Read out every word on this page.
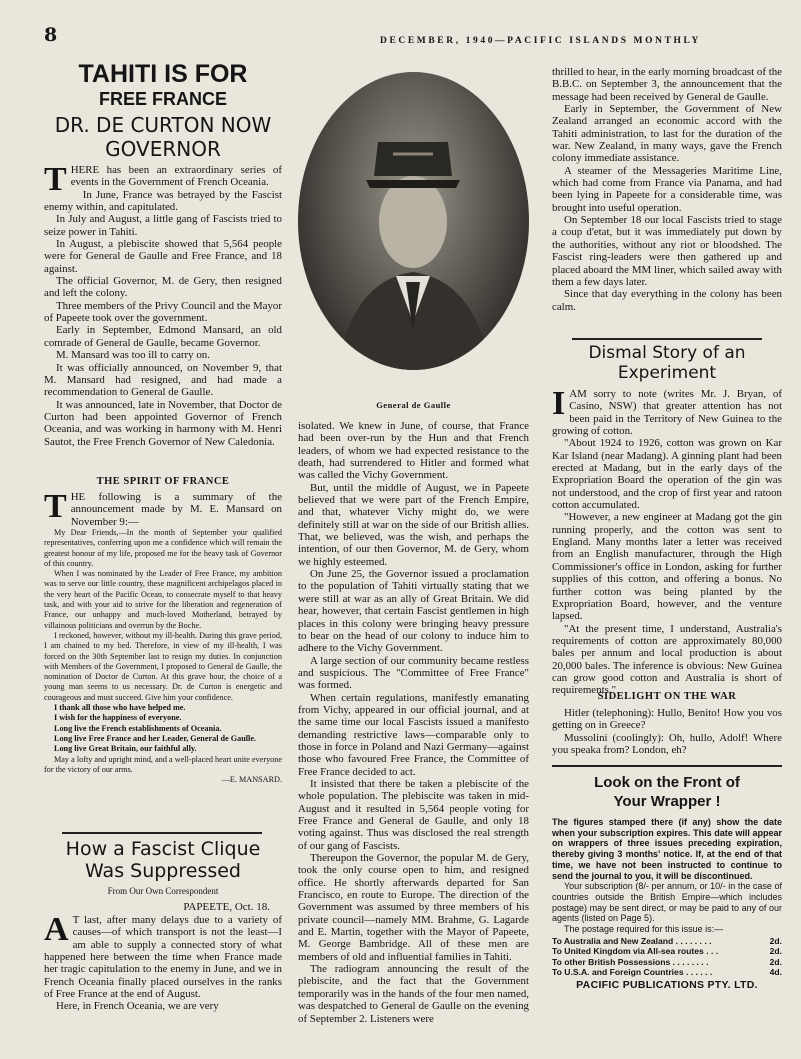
8	DECEMBER, 1940—PACIFIC ISLANDS MONTHLY
TAHITI IS FOR
FREE FRANCE
DR. DE CURTON NOW GOVERNOR

THERE has been an extraordinary series of events in the Government of French Oceania.

In June, France was betrayed by the Fascist enemy within, and capitulated.

In July and August, a little gang of Fascists tried to seize power in Tahiti.

In August, a plebiscite showed that 5,564 people were for General de Gaulle and Free France, and 18 against.

The official Governor, M. de Gery, then resigned and left the colony.

Three members of the Privy Council and the Mayor of Papeete took over the government.

Early in September, Edmond Mansard, an old comrade of General de Gaulle, became Governor.

M. Mansard was too ill to carry on.

It was officially announced, on November 9, that M. Mansard had resigned, and had made a recommendation to General de Gaulle.

It was announced, late in November, that Doctor de Curton had been appointed Governor of French Oceania, and was working in harmony with M. Henri Sautot, the Free French Governor of New Caledonia.

THE SPIRIT OF FRANCE

THE following is a summary of the announcement made by M. E. Mansard on November 9:—

My Dear Friends,—In the month of September your qualified representatives, conferring upon me a confidence which will remain the greatest honour of my life, proposed me for the heavy task of Governor of this country.

When I was nominated by the Leader of Free France, my ambition was to serve our little country, these magnificent archipelagos placed in the very heart of the Pacific Ocean, to consecrate myself to that heavy task, and with your aid to strive for the liberation and regeneration of France, our unhappy and much-loved Motherland, betrayed by villainous politicians and overrun by the Boche.

I reckoned, however, without my ill-health. During this grave period, I am chained to my bed. Therefore, in view of my ill-health, I was forced on the 30th September last to resign my duties. In conjunction with Members of the Government, I proposed to General de Gaulle, the nomination of Doctor de Curton. At this grave hour, the choice of a young man seems to us necessary. Dr. de Curton is energetic and courageous and must succeed. Give him your confidence.

I thank all those who have helped me.

I wish for the happiness of everyone.

Long live the French establishments of Oceania.

Long live Free France and her Leader, General de Gaulle.

Long live Great Britain, our faithful ally.

May a lofty and upright mind, and a well-placed heart unite everyone for the victory of our arms.

—E. MANSARD.

How a Fascist Clique Was Suppressed
From Our Own Correspondent
PAPEETE, Oct. 18.

A T last, after many delays due to a variety of causes—of which transport is not the least—I am able to supply a connected story of what happened here between the time when France made her tragic capitulation to the enemy in June, and we in French Oceania finally placed ourselves in the ranks of Free France at the end of August.

Here, in French Oceania, we are very

General de Gaulle

isolated. We knew in June, of course, that France had been over-run by the Hun and that French leaders, of whom we had expected resistance to the death, had surrendered to Hitler and formed what was called the Vichy Government.

But, until the middle of August, we in Papeete believed that we were part of the French Empire, and that, whatever Vichy might do, we were definitely still at war on the side of our British allies. That, we believed, was the wish, and perhaps the intention, of our then Governor, M. de Gery, whom we highly esteemed.

On June 25, the Governor issued a proclamation to the population of Tahiti virtually stating that we were still at war as an ally of Great Britain. We did hear, however, that certain Fascist gentlemen in high places in this colony were bringing heavy pressure to bear on the head of our colony to induce him to adhere to the Vichy Government.

A large section of our community became restless and suspicious. The "Committee of Free France" was formed.

When certain regulations, manifestly emanating from Vichy, appeared in our official journal, and at the same time our local Fascists issued a manifesto demanding restrictive laws—comparable only to those in force in Poland and Nazi Germany—against those who favoured Free France, the Committee of Free France decided to act.

It insisted that there be taken a plebiscite of the whole population. The plebiscite was taken in mid-August and it resulted in 5,564 people voting for Free France and General de Gaulle, and only 18 voting against. Thus was disclosed the real strength of our gang of Fascists.

Thereupon the Governor, the popular M. de Gery, took the only course open to him, and resigned office. He shortly afterwards departed for San Francisco, en route to Europe. The direction of the Government was assumed by three members of his private council—namely MM. Brahme, G. Lagarde and E. Martin, together with the Mayor of Papeete, M. George Bambridge. All of these men are members of old and influential families in Tahiti.

The radiogram announcing the result of the plebiscite, and the fact that the Government temporarily was in the hands of the four men named, was despatched to General de Gaulle on the evening of September 2. Listeners were

thrilled to hear, in the early morning broadcast of the B.B.C. on September 3, the announcement that the message had been received by General de Gaulle.

Early in September, the Government of New Zealand arranged an economic accord with the Tahiti administration, to last for the duration of the war. New Zealand, in many ways, gave the French colony immediate assistance.

A steamer of the Messageries Maritime Line, which had come from France via Panama, and had been lying in Papeete for a considerable time, was brought into useful operation.

On September 18 our local Fascists tried to stage a coup d'etat, but it was immediately put down by the authorities, without any riot or bloodshed. The Fascist ring-leaders were then gathered up and placed aboard the MM liner, which sailed away with them a few days later.

Since that day everything in the colony has been calm.

Dismal Story of an Experiment

IAM sorry to note (writes Mr. J. Bryan, of Casino, NSW) that greater attention has not been paid in the Territory of New Guinea to the growing of cotton.

"About 1924 to 1926, cotton was grown on Kar Kar Island (near Madang). A ginning plant had been erected at Madang, but in the early days of the Expropriation Board the operation of the gin was not understood, and the crop of first year and ratoon cotton accumulated.

"However, a new engineer at Madang got the gin running properly, and the cotton was sent to England. Many months later a letter was received from an English manufacturer, through the High Commissioner's office in London, asking for further supplies of this cotton, and offering a bonus. No further cotton was being planted by the Expropriation Board, however, and the venture lapsed.

"At the present time, I understand, Australia's requirements of cotton are approximately 80,000 bales per annum and local production is about 20,000 bales. The inference is obvious: New Guinea can grow good cotton and Australia is short of requirements."

SIDELIGHT ON THE WAR

Hitler (telephoning): Hullo, Benito! How you vos getting on in Greece?

Mussolini (coolingly): Oh, hullo, Adolf! Where you speaka from? London, eh?

Look on the Front of
Your Wrapper !

The figures stamped there (if any) show the date when your subscription expires. This date will appear on wrappers of three issues preceding expiration, thereby giving 3 months' notice. If, at the end of that time, we have not been instructed to continue to send the journal to you, it will be discontinued.

Your subscription (8/- per annum, or 10/- in the case of countries outside the British Empire—which includes postage) may be sent direct, or may be paid to any of our agents (listed on Page 5).

The postage required for this issue is:—

To Australia and New Zealand . . . . . . . .	2d.
To United Kingdom via All-sea routes . . .	2d.
To other British Possessions . . . . . . . .	2d.
To U.S.A. and Foreign Countries . . . . . .	4d.
PACIFIC PUBLICATIONS PTY. LTD.
